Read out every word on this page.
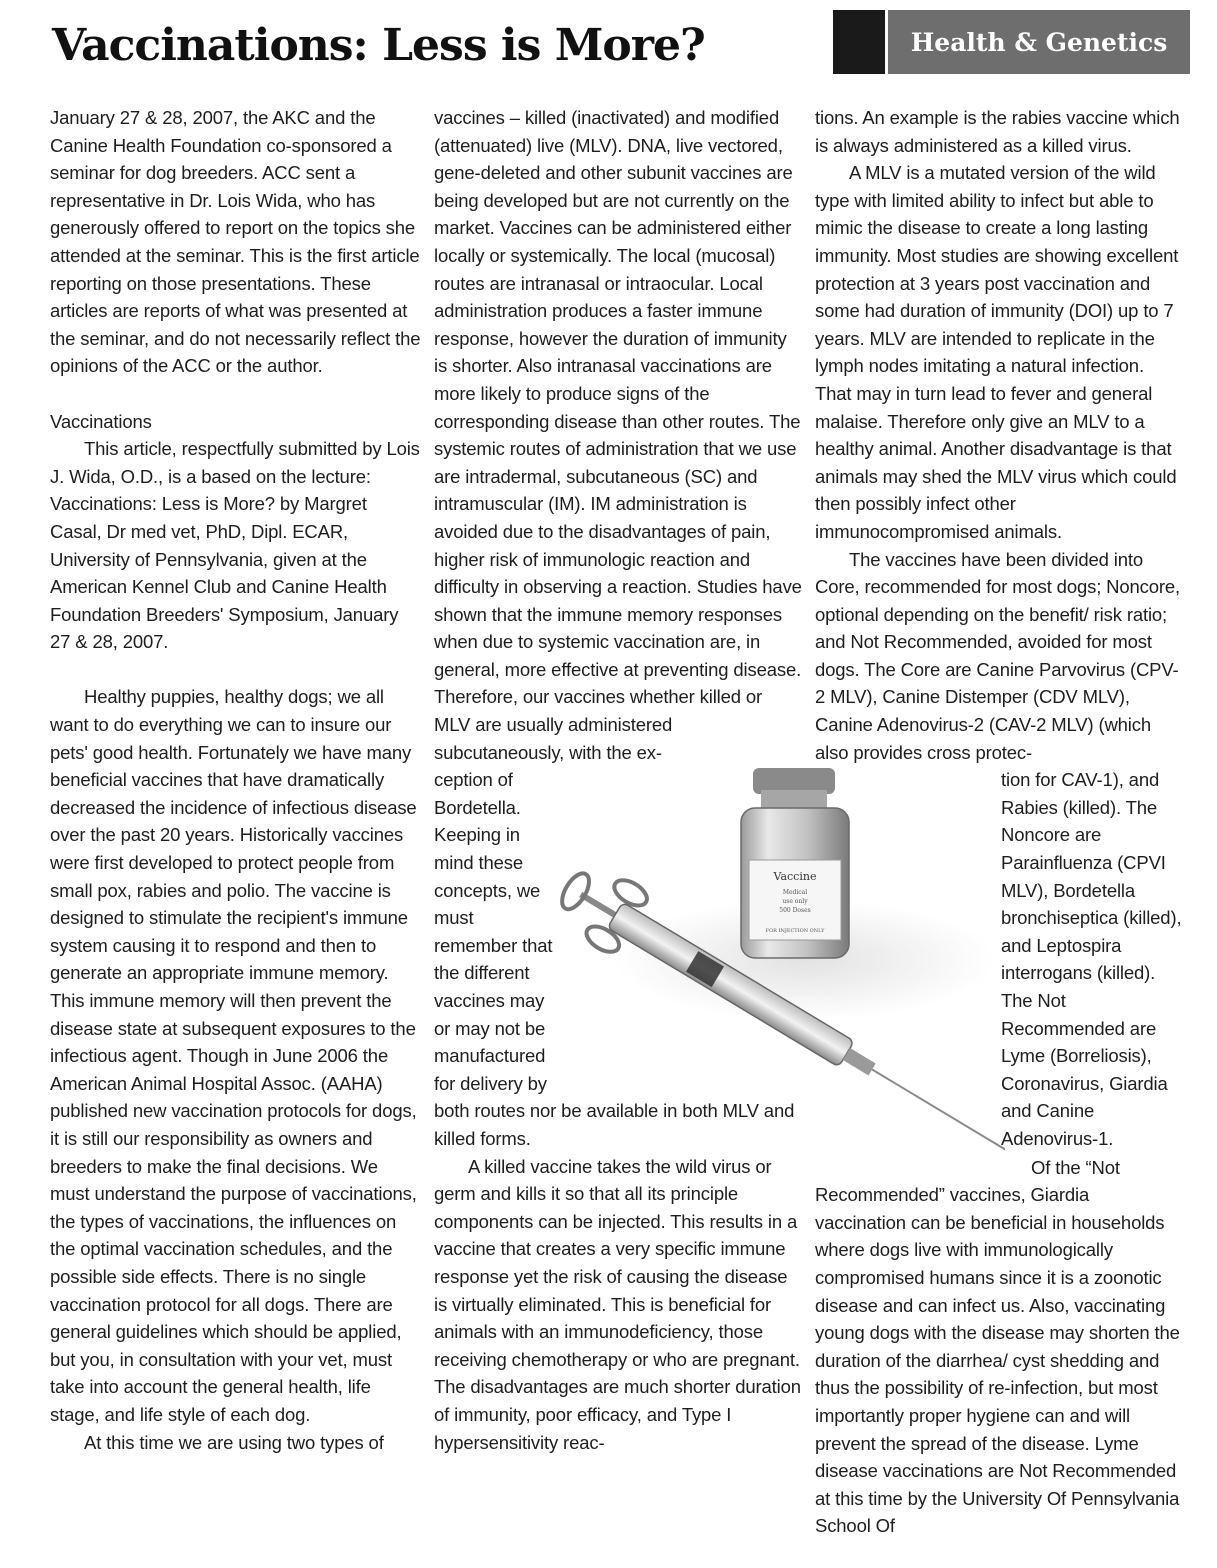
Vaccinations: Less is More?	Health & Genetics

January 27 & 28, 2007, the AKC and the Canine Health Foundation co-sponsored a seminar for dog breeders. ACC sent a representative in Dr. Lois Wida, who has generously offered to report on the topics she attended at the seminar. This is the first article reporting on those presentations. These articles are reports of what was presented at the seminar, and do not necessarily reflect the opinions of the ACC or the author.

Vaccinations

This article, respectfully submitted by Lois J. Wida, O.D., is a based on the lecture: Vaccinations: Less is More? by Margret Casal, Dr med vet, PhD, Dipl. ECAR, University of Pennsylvania, given at the American Kennel Club and Canine Health Foundation Breeders' Symposium, January 27 & 28, 2007.

Healthy puppies, healthy dogs; we all want to do everything we can to insure our pets' good health. Fortunately we have many beneficial vaccines that have dramatically decreased the incidence of infectious disease over the past 20 years. Historically vaccines were first developed to protect people from small pox, rabies and polio. The vaccine is designed to stimulate the recipient's immune system causing it to respond and then to generate an appropriate immune memory. This immune memory will then prevent the disease state at subsequent exposures to the infectious agent. Though in June 2006 the American Animal Hospital Assoc. (AAHA) published new vaccination protocols for dogs, it is still our responsibility as owners and breeders to make the final decisions. We must understand the purpose of vaccinations, the types of vaccinations, the influences on the optimal vaccination schedules, and the possible side effects. There is no single vaccination protocol for all dogs. There are general guidelines which should be applied, but you, in consultation with your vet, must take into account the general health, life stage, and life style of each dog.

At this time we are using two types of

vaccines – killed (inactivated) and modified (attenuated) live (MLV). DNA, live vectored, gene-deleted and other subunit vaccines are being developed but are not currently on the market. Vaccines can be administered either locally or systemically. The local (mucosal) routes are intranasal or intraocular. Local administration produces a faster immune response, however the duration of immunity is shorter. Also intranasal vaccinations are more likely to produce signs of the corresponding disease than other routes. The systemic routes of administration that we use are intradermal, subcutaneous (SC) and intramuscular (IM). IM administration is avoided due to the disadvantages of pain, higher risk of immunologic reaction and difficulty in observing a reaction. Studies have shown that the immune memory responses when due to systemic vaccination are, in general, more effective at preventing disease. Therefore, our vaccines whether killed or MLV are usually administered subcutaneously, with the ex-

ception of Bordetella. Keeping in mind these concepts, we must remember that the different vaccines may or may not be manufactured for delivery by

both routes nor be available in both MLV and killed forms.

A killed vaccine takes the wild virus or germ and kills it so that all its principle components can be injected. This results in a vaccine that creates a very specific immune response yet the risk of causing the disease is virtually eliminated. This is beneficial for animals with an immunodeficiency, those receiving chemotherapy or who are pregnant. The disadvantages are much shorter duration of immunity, poor efficacy, and Type I hypersensitivity reac-

tions. An example is the rabies vaccine which is always administered as a killed virus.

A MLV is a mutated version of the wild type with limited ability to infect but able to mimic the disease to create a long lasting immunity. Most studies are showing excellent protection at 3 years post vaccination and some had duration of immunity (DOI) up to 7 years. MLV are intended to replicate in the lymph nodes imitating a natural infection. That may in turn lead to fever and general malaise. Therefore only give an MLV to a healthy animal. Another disadvantage is that animals may shed the MLV virus which could then possibly infect other immunocompromised animals.

The vaccines have been divided into Core, recommended for most dogs; Noncore, optional depending on the benefit/ risk ratio; and Not Recommended, avoided for most dogs. The Core are Canine Parvovirus (CPV-2 MLV), Canine Distemper (CDV MLV), Canine Adenovirus-2 (CAV-2 MLV) (which also provides cross protec-

tion for CAV-1), and Rabies (killed). The Noncore are Parainfluenza (CPVI MLV), Bordetella bronchiseptica (killed), and Leptospira interrogans (killed). The Not Recommended are Lyme (Borreliosis), Coronavirus, Giardia and Canine Adenovirus-1.

Of the “Not

Recommended” vaccines, Giardia vaccination can be beneficial in households where dogs live with immunologically compromised humans since it is a zoonotic disease and can infect us. Also, vaccinating young dogs with the disease may shorten the duration of the diarrhea/ cyst shedding and thus the possibility of re-infection, but most importantly proper hygiene can and will prevent the spread of the disease. Lyme disease vaccinations are Not Recommended at this time by the University Of Pennsylvania School Of

Vaccine
Medical
use only
500 Doses
FOR INJECTION ONLY
